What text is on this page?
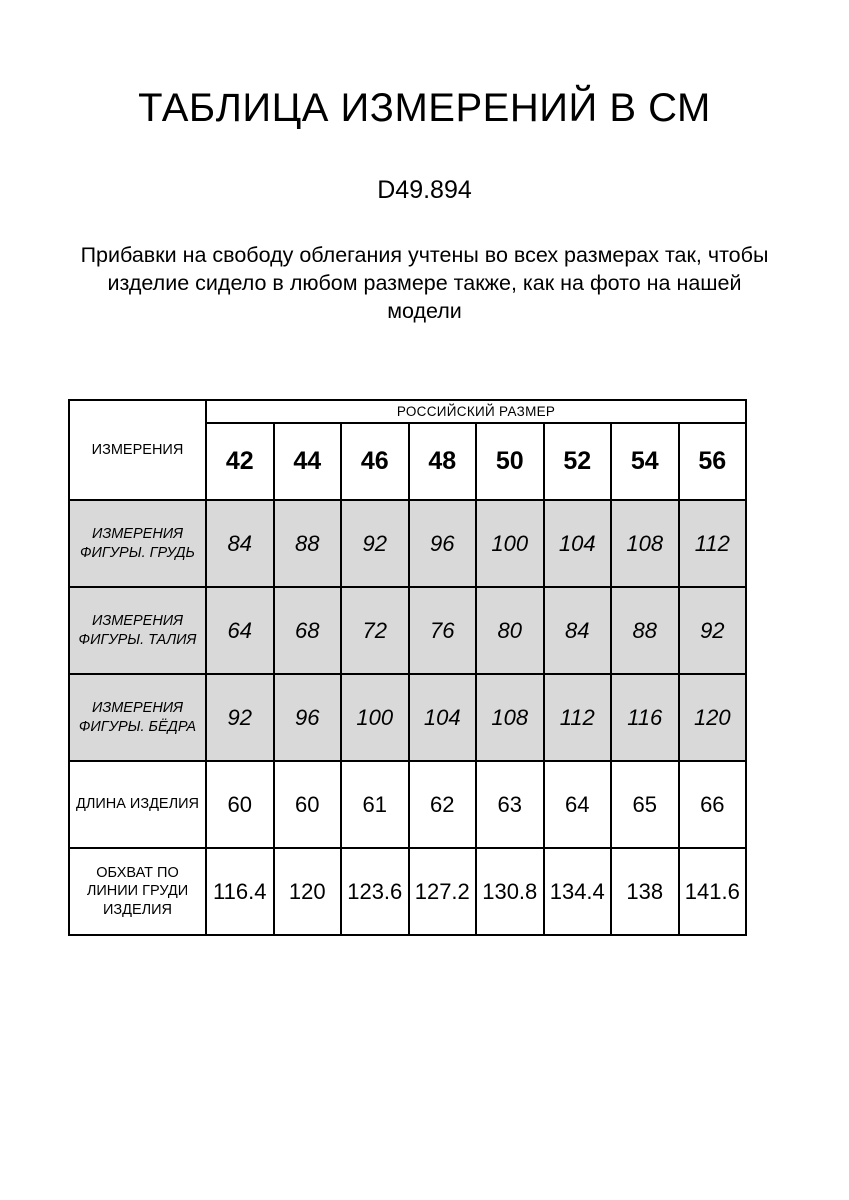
ТАБЛИЦА ИЗМЕРЕНИЙ В СМ
D49.894

Прибавки на свободу облегания учтены во всех размерах так, чтобы изделие сидело в любом размере также, как на фото на нашей модели

ИЗМЕРЕНИЯ	РОССИЙСКИЙ РАЗМЕР							
	42	44	46	48	50	52	54	56
ИЗМЕРЕНИЯ ФИГУРЫ. ГРУДЬ	84	88	92	96	100	104	108	112
ИЗМЕРЕНИЯ ФИГУРЫ. ТАЛИЯ	64	68	72	76	80	84	88	92
ИЗМЕРЕНИЯ ФИГУРЫ. БЁДРА	92	96	100	104	108	112	116	120
ДЛИНА ИЗДЕЛИЯ	60	60	61	62	63	64	65	66
ОБХВАТ ПО ЛИНИИ ГРУДИ ИЗДЕЛИЯ	116.4	120	123.6	127.2	130.8	134.4	138	141.6
